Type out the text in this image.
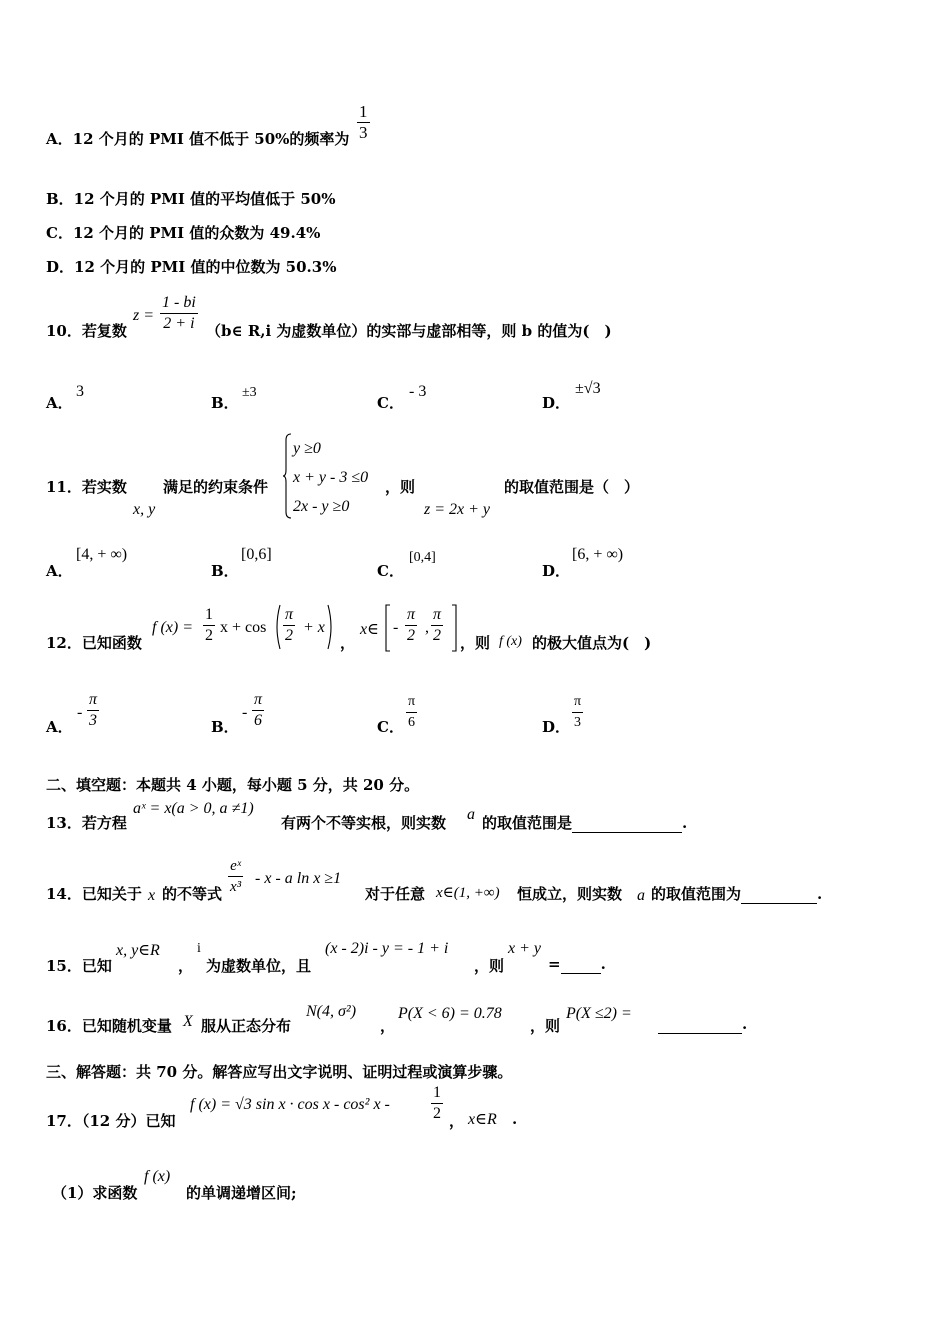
A．12 个月的 PMI 值不低于 50%的频率为 $\frac{1}{3}$
B．12 个月的 PMI 值的平均值低于 50%
C．12 个月的 PMI 值的众数为 49.4%
D．12 个月的 PMI 值的中位数为 50.3%
10．若复数
$z = \frac{1 - bi}{2 + i}$ （b∈ R,i 为虚数单位）的实部与虚部相等，则 b 的值为(　)
A．
3
B．
±3
C．
- 3
D．
±√3
11．若实数
x, y
满足的约束条件
y ≥0
x + y - 3 ≤0
2x - y ≥0
，则
z = 2x + y
的取值范围是（　）
A．
[4, + ∞)
B．
[0,6]
C．
[0,4]
D．
[6, + ∞)
12．已知函数
f $(x) = \frac{1}{2}$ $x + \cos \frac{\pi}{2} + x$
，
x∈ - $\frac{\pi}{2}$ , $\frac{\pi}{2}$ ，则 f (x) 的极大值点为(　)
A．
- $\frac{\pi}{3}$	B．
- $\frac{\pi}{6}$	C． $\frac{\pi}{6}$	D． $\frac{\pi}{3}$
二、填空题：本题共 4 小题，每小题 5 分，共 20 分。
13．若方程
aˣ = x(a > 0, a ≠1)
有两个不等实根，则实数 a 的取值范围是	.
14．已知关于 x 的不等式 $\frac{\text{eˣ}}{\text{x³}}$ - x - a ln x ≥1
对于任意 x∈(1, +∞) 恒成立，则实数 a 的取值范围为	.
15．已知
x, y∈R
，
i
为虚数单位，且
(x - 2)i - y = - 1 + i
，则
x + y
=	.
16．已知随机变量 X 服从正态分布
N(4, σ²)
，
P(X < 6) = 0.78
，则
P(X ≤2) =
.
三、解答题：共 70 分。解答应写出文字说明、证明过程或演算步骤。
17．（12 分）已知
f (x) = √3 sin x · cos x - cos² x -	$\frac{1}{2}$ ， x∈R .
（1）求函数
f (x)
的单调递增区间;
